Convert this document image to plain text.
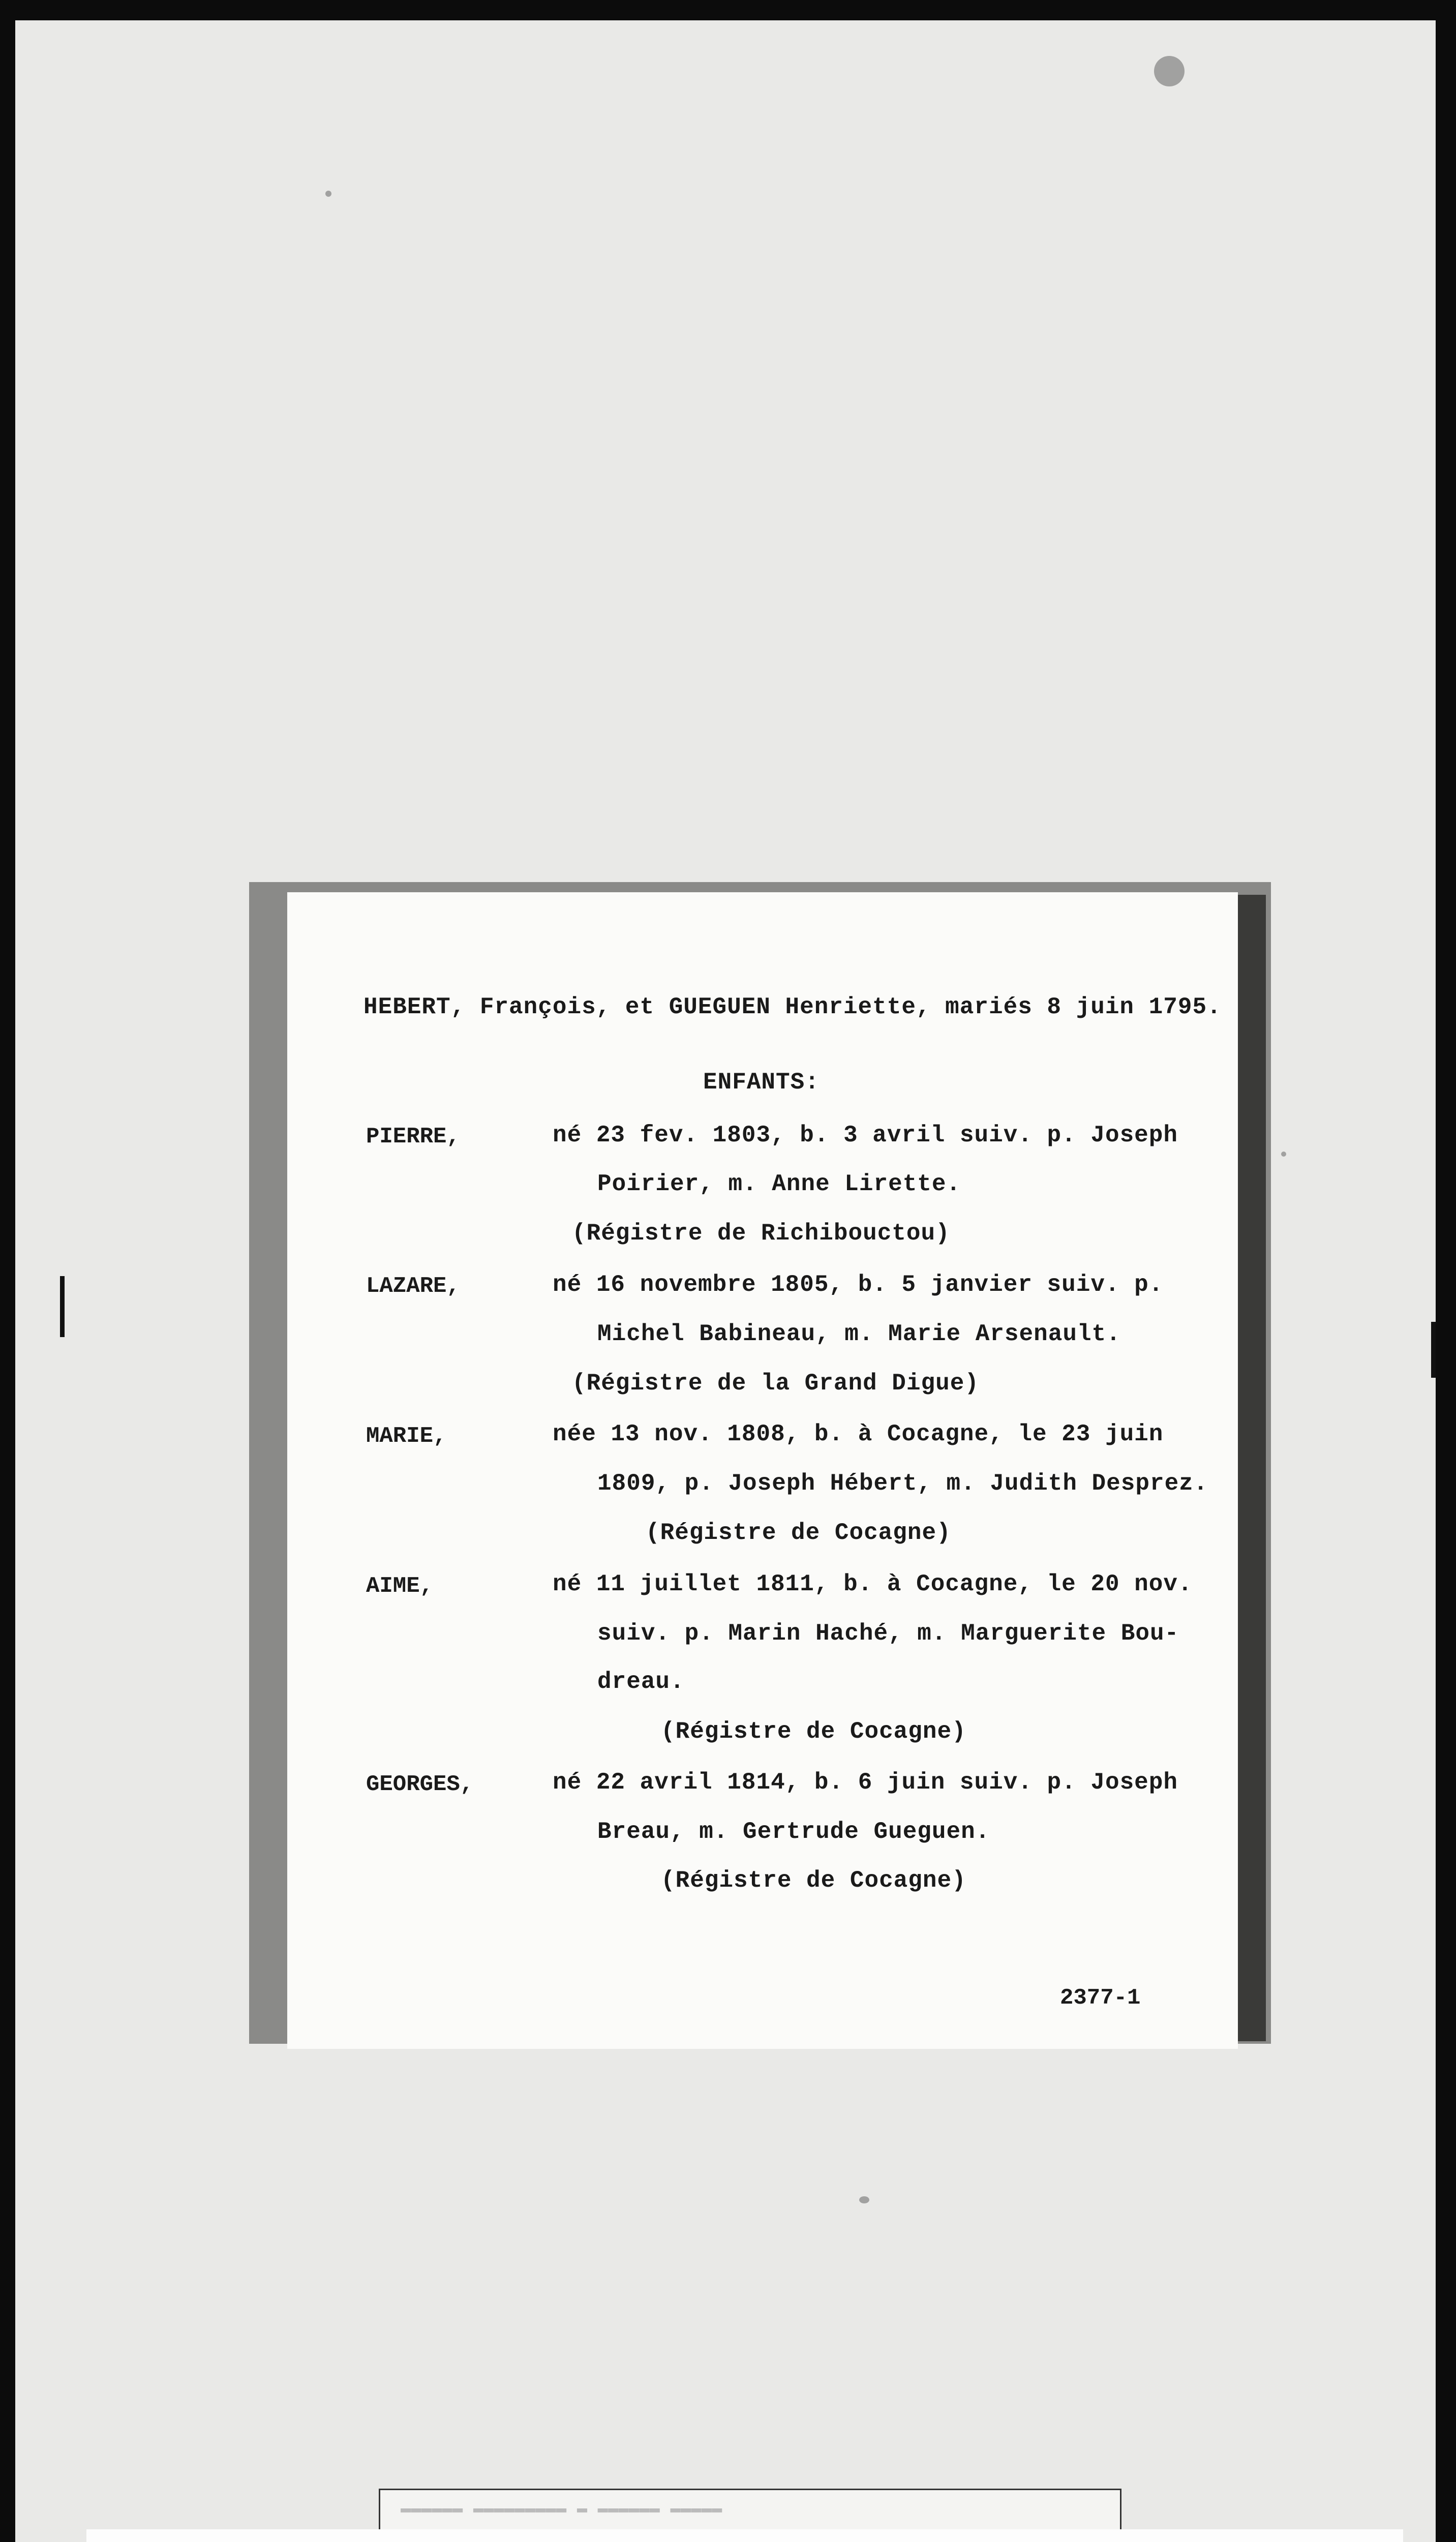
HEBERT, François, et GUEGUEN Henriette, mariés 8 juin 1795.
ENFANTS:
PIERRE,	né 23 fev. 1803, b. 3 avril suiv. p. Joseph
Poirier, m. Anne Lirette.
(Régistre de Richibouctou)
LAZARE,	né 16 novembre 1805, b. 5 janvier suiv. p.
Michel Babineau, m. Marie Arsenault.
(Régistre de la Grand Digue)
MARIE,	née 13 nov. 1808, b. à Cocagne, le 23 juin
1809, p. Joseph Hébert, m. Judith Desprez.
(Régistre de Cocagne)
AIME,	né 11 juillet 1811, b. à Cocagne, le 20 nov.
suiv. p. Marin Haché, m. Marguerite Bou-
dreau.
(Régistre de Cocagne)
GEORGES,	né 22 avril 1814, b. 6 juin suiv. p. Joseph
Breau, m. Gertrude Gueguen.
(Régistre de Cocagne)
2377-1
▬▬▬▬▬▬ ▬▬▬▬▬▬▬▬▬ ▬ ▬▬▬▬▬▬ ▬▬▬▬▬
